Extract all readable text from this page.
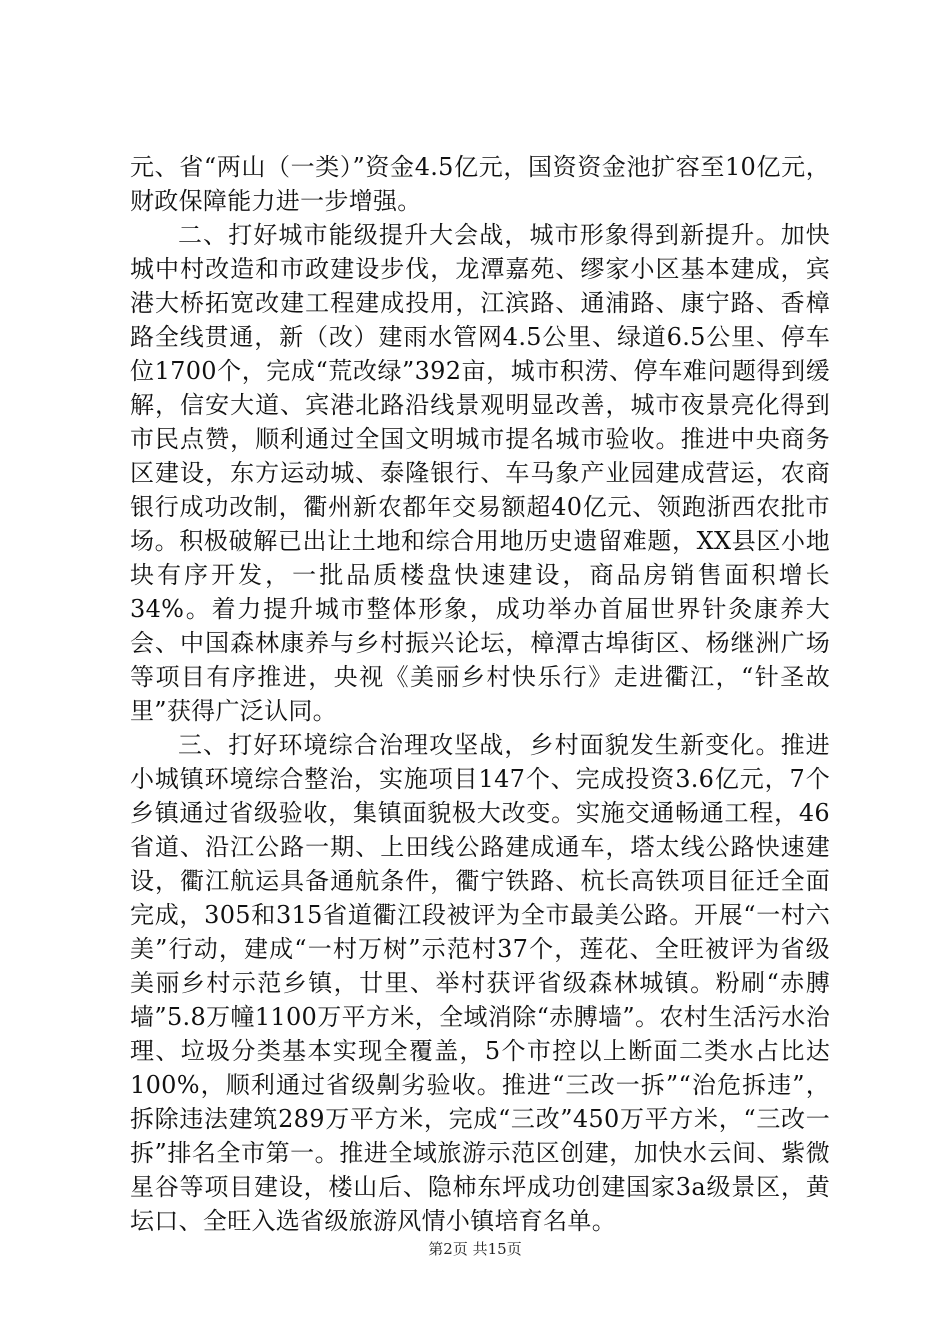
元、省“两山（一类）”资金4.5亿元，国资资金池扩容至10亿元，财政保障能力进一步增强。

二、打好城市能级提升大会战，城市形象得到新提升。加快城中村改造和市政建设步伐，龙潭嘉苑、缪家小区基本建成，宾港大桥拓宽改建工程建成投用，江滨路、通浦路、康宁路、香樟路全线贯通，新（改）建雨水管网4.5公里、绿道6.5公里、停车位1700个，完成“荒改绿”392亩，城市积涝、停车难问题得到缓解，信安大道、宾港北路沿线景观明显改善，城市夜景亮化得到市民点赞，顺利通过全国文明城市提名城市验收。推进中央商务区建设，东方运动城、泰隆银行、车马象产业园建成营运，农商银行成功改制，衢州新农都年交易额超40亿元、领跑浙西农批市场。积极破解已出让土地和综合用地历史遗留难题，XX县区小地块有序开发，一批品质楼盘快速建设，商品房销售面积增长34%。着力提升城市整体形象，成功举办首届世界针灸康养大会、中国森林康养与乡村振兴论坛，樟潭古埠街区、杨继洲广场等项目有序推进，央视《美丽乡村快乐行》走进衢江，“针圣故里”获得广泛认同。

三、打好环境综合治理攻坚战，乡村面貌发生新变化。推进小城镇环境综合整治，实施项目147个、完成投资3.6亿元，7个乡镇通过省级验收，集镇面貌极大改变。实施交通畅通工程，46省道、沿江公路一期、上田线公路建成通车，塔太线公路快速建设，衢江航运具备通航条件，衢宁铁路、杭长高铁项目征迁全面完成，305和315省道衢江段被评为全市最美公路。开展“一村六美”行动，建成“一村万树”示范村37个，莲花、全旺被评为省级美丽乡村示范乡镇，廿里、举村获评省级森林城镇。粉刷“赤膊墙”5.8万幢1100万平方米，全域消除“赤膊墙”。农村生活污水治理、垃圾分类基本实现全覆盖，5个市控以上断面二类水占比达100%，顺利通过省级劓劣验收。推进“三改一拆”“治危拆违”，拆除违法建筑289万平方米，完成“三改”450万平方米，“三改一拆”排名全市第一。推进全域旅游示范区创建，加快水云间、紫微星谷等项目建设，楼山后、隐柿东坪成功创建国家3a级景区，黄坛口、全旺入选省级旅游风情小镇培育名单。

第2页 共15页
